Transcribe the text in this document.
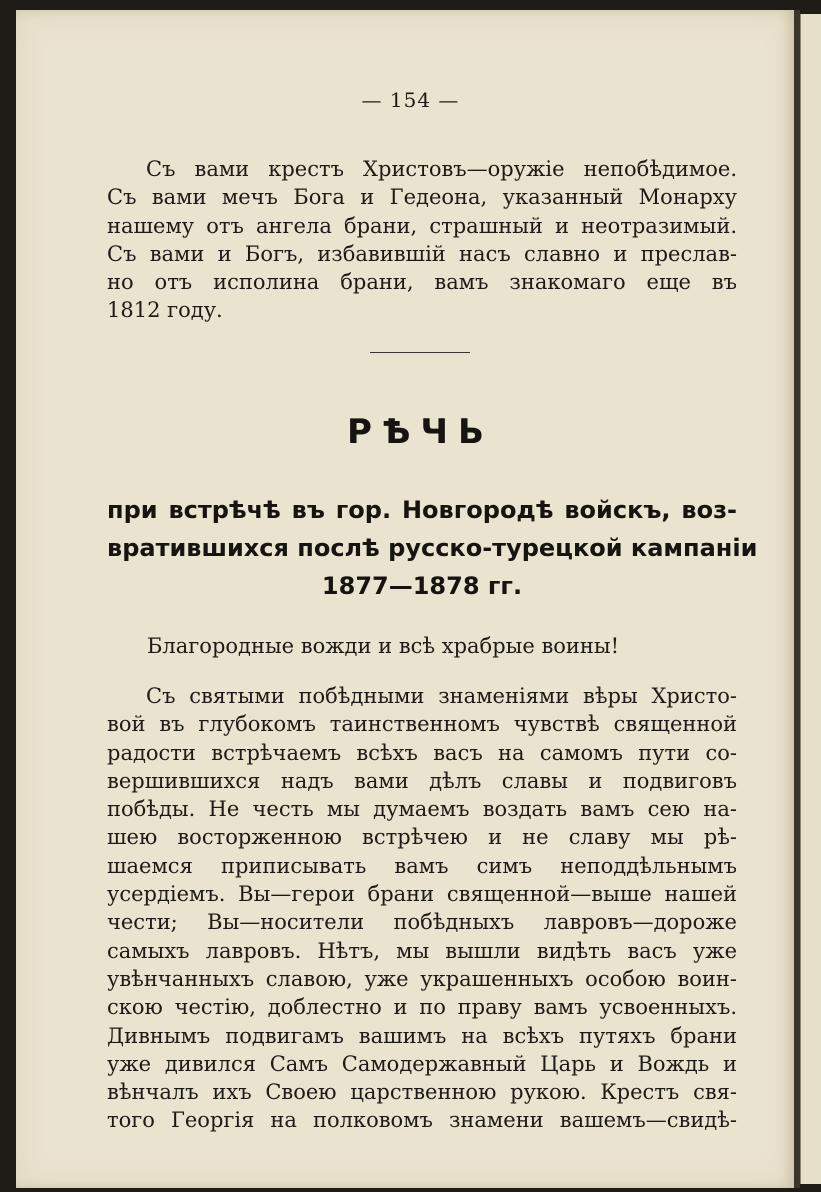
— 154 —
Съ вами крестъ Христовъ—оружіе непобѣдимое.
Съ вами мечъ Бога и Гедеона, указанный Монарху
нашему отъ ангела брани, страшный и неотразимый.
Съ вами и Богъ, избавившій насъ славно и преслав-
но отъ исполина брани, вамъ знакомаго еще въ
1812 году.
РѢЧЬ
при встрѣчѣ въ гор. Новгородѣ войскъ, воз-
вратившихся послѣ русско-турецкой кампаніи
1877—1878 гг.
Благородные вожди и всѣ храбрые воины!
Съ святыми побѣдными знаменіями вѣры Христо-
вой въ глубокомъ таинственномъ чувствѣ священной
радости встрѣчаемъ всѣхъ васъ на самомъ пути со-
вершившихся надъ вами дѣлъ славы и подвиговъ
побѣды. Не честь мы думаемъ воздать вамъ сею на-
шею восторженною встрѣчею и не славу мы рѣ-
шаемся приписывать вамъ симъ неподдѣльнымъ
усердіемъ. Вы—герои брани священной—выше нашей
чести; Вы—носители побѣдныхъ лавровъ—дороже
самыхъ лавровъ. Нѣтъ, мы вышли видѣть васъ уже
увѣнчанныхъ славою, уже украшенныхъ особою воин-
скою честію, доблестно и по праву вамъ усвоенныхъ.
Дивнымъ подвигамъ вашимъ на всѣхъ путяхъ брани
уже дивился Самъ Самодержавный Царь и Вождь и
вѣнчалъ ихъ Своею царственною рукою. Крестъ свя-
того Георгія на полковомъ знамени вашемъ—свидѣ-
